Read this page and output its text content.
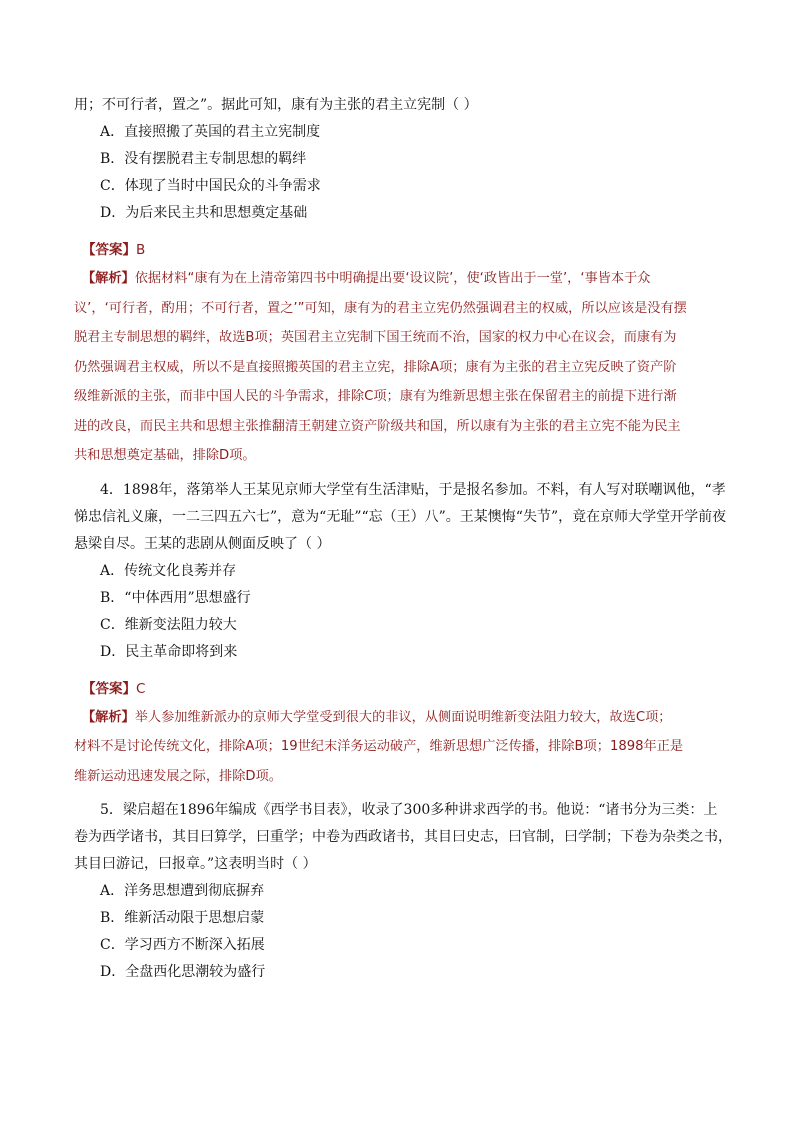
用；不可行者，置之”。据此可知，康有为主张的君主立宪制（ ）

A．直接照搬了英国的君主立宪制度

B．没有摆脱君主专制思想的羁绊

C．体现了当时中国民众的斗争需求

D．为后来民主共和思想奠定基础

【答案】B

【解析】依据材料“康有为在上清帝第四书中明确提出要‘设议院’，使‘政皆出于一堂’，‘事皆本于众

议’，‘可行者，酌用；不可行者，置之’”可知，康有为的君主立宪仍然强调君主的权威，所以应该是没有摆

脱君主专制思想的羁绊，故选B项；英国君主立宪制下国王统而不治，国家的权力中心在议会，而康有为

仍然强调君主权威，所以不是直接照搬英国的君主立宪，排除A项；康有为主张的君主立宪反映了资产阶

级维新派的主张，而非中国人民的斗争需求，排除C项；康有为维新思想主张在保留君主的前提下进行渐

进的改良，而民主共和思想主张推翻清王朝建立资产阶级共和国，所以康有为主张的君主立宪不能为民主

共和思想奠定基础，排除D项。

4．1898年，落第举人王某见京师大学堂有生活津贴，于是报名参加。不料，有人写对联嘲讽他，“孝

悌忠信礼义廉，一二三四五六七”，意为“无耻”“忘（王）八”。王某懊悔“失节”，竟在京师大学堂开学前夜

悬梁自尽。王某的悲剧从侧面反映了（ ）

A．传统文化良莠并存

B．“中体西用”思想盛行

C．维新变法阻力较大

D．民主革命即将到来

【答案】C

【解析】举人参加维新派办的京师大学堂受到很大的非议，从侧面说明维新变法阻力较大，故选C项；

材料不是讨论传统文化，排除A项；19世纪末洋务运动破产，维新思想广泛传播，排除B项；1898年正是

维新运动迅速发展之际，排除D项。

5．梁启超在1896年编成《西学书目表》，收录了300多种讲求西学的书。他说：“诸书分为三类：上

卷为西学诸书，其目曰算学，曰重学；中卷为西政诸书，其目曰史志，曰官制，曰学制；下卷为杂类之书，

其目曰游记，曰报章。”这表明当时（ ）

A．洋务思想遭到彻底摒弃

B．维新活动限于思想启蒙

C．学习西方不断深入拓展

D．全盘西化思潮较为盛行
